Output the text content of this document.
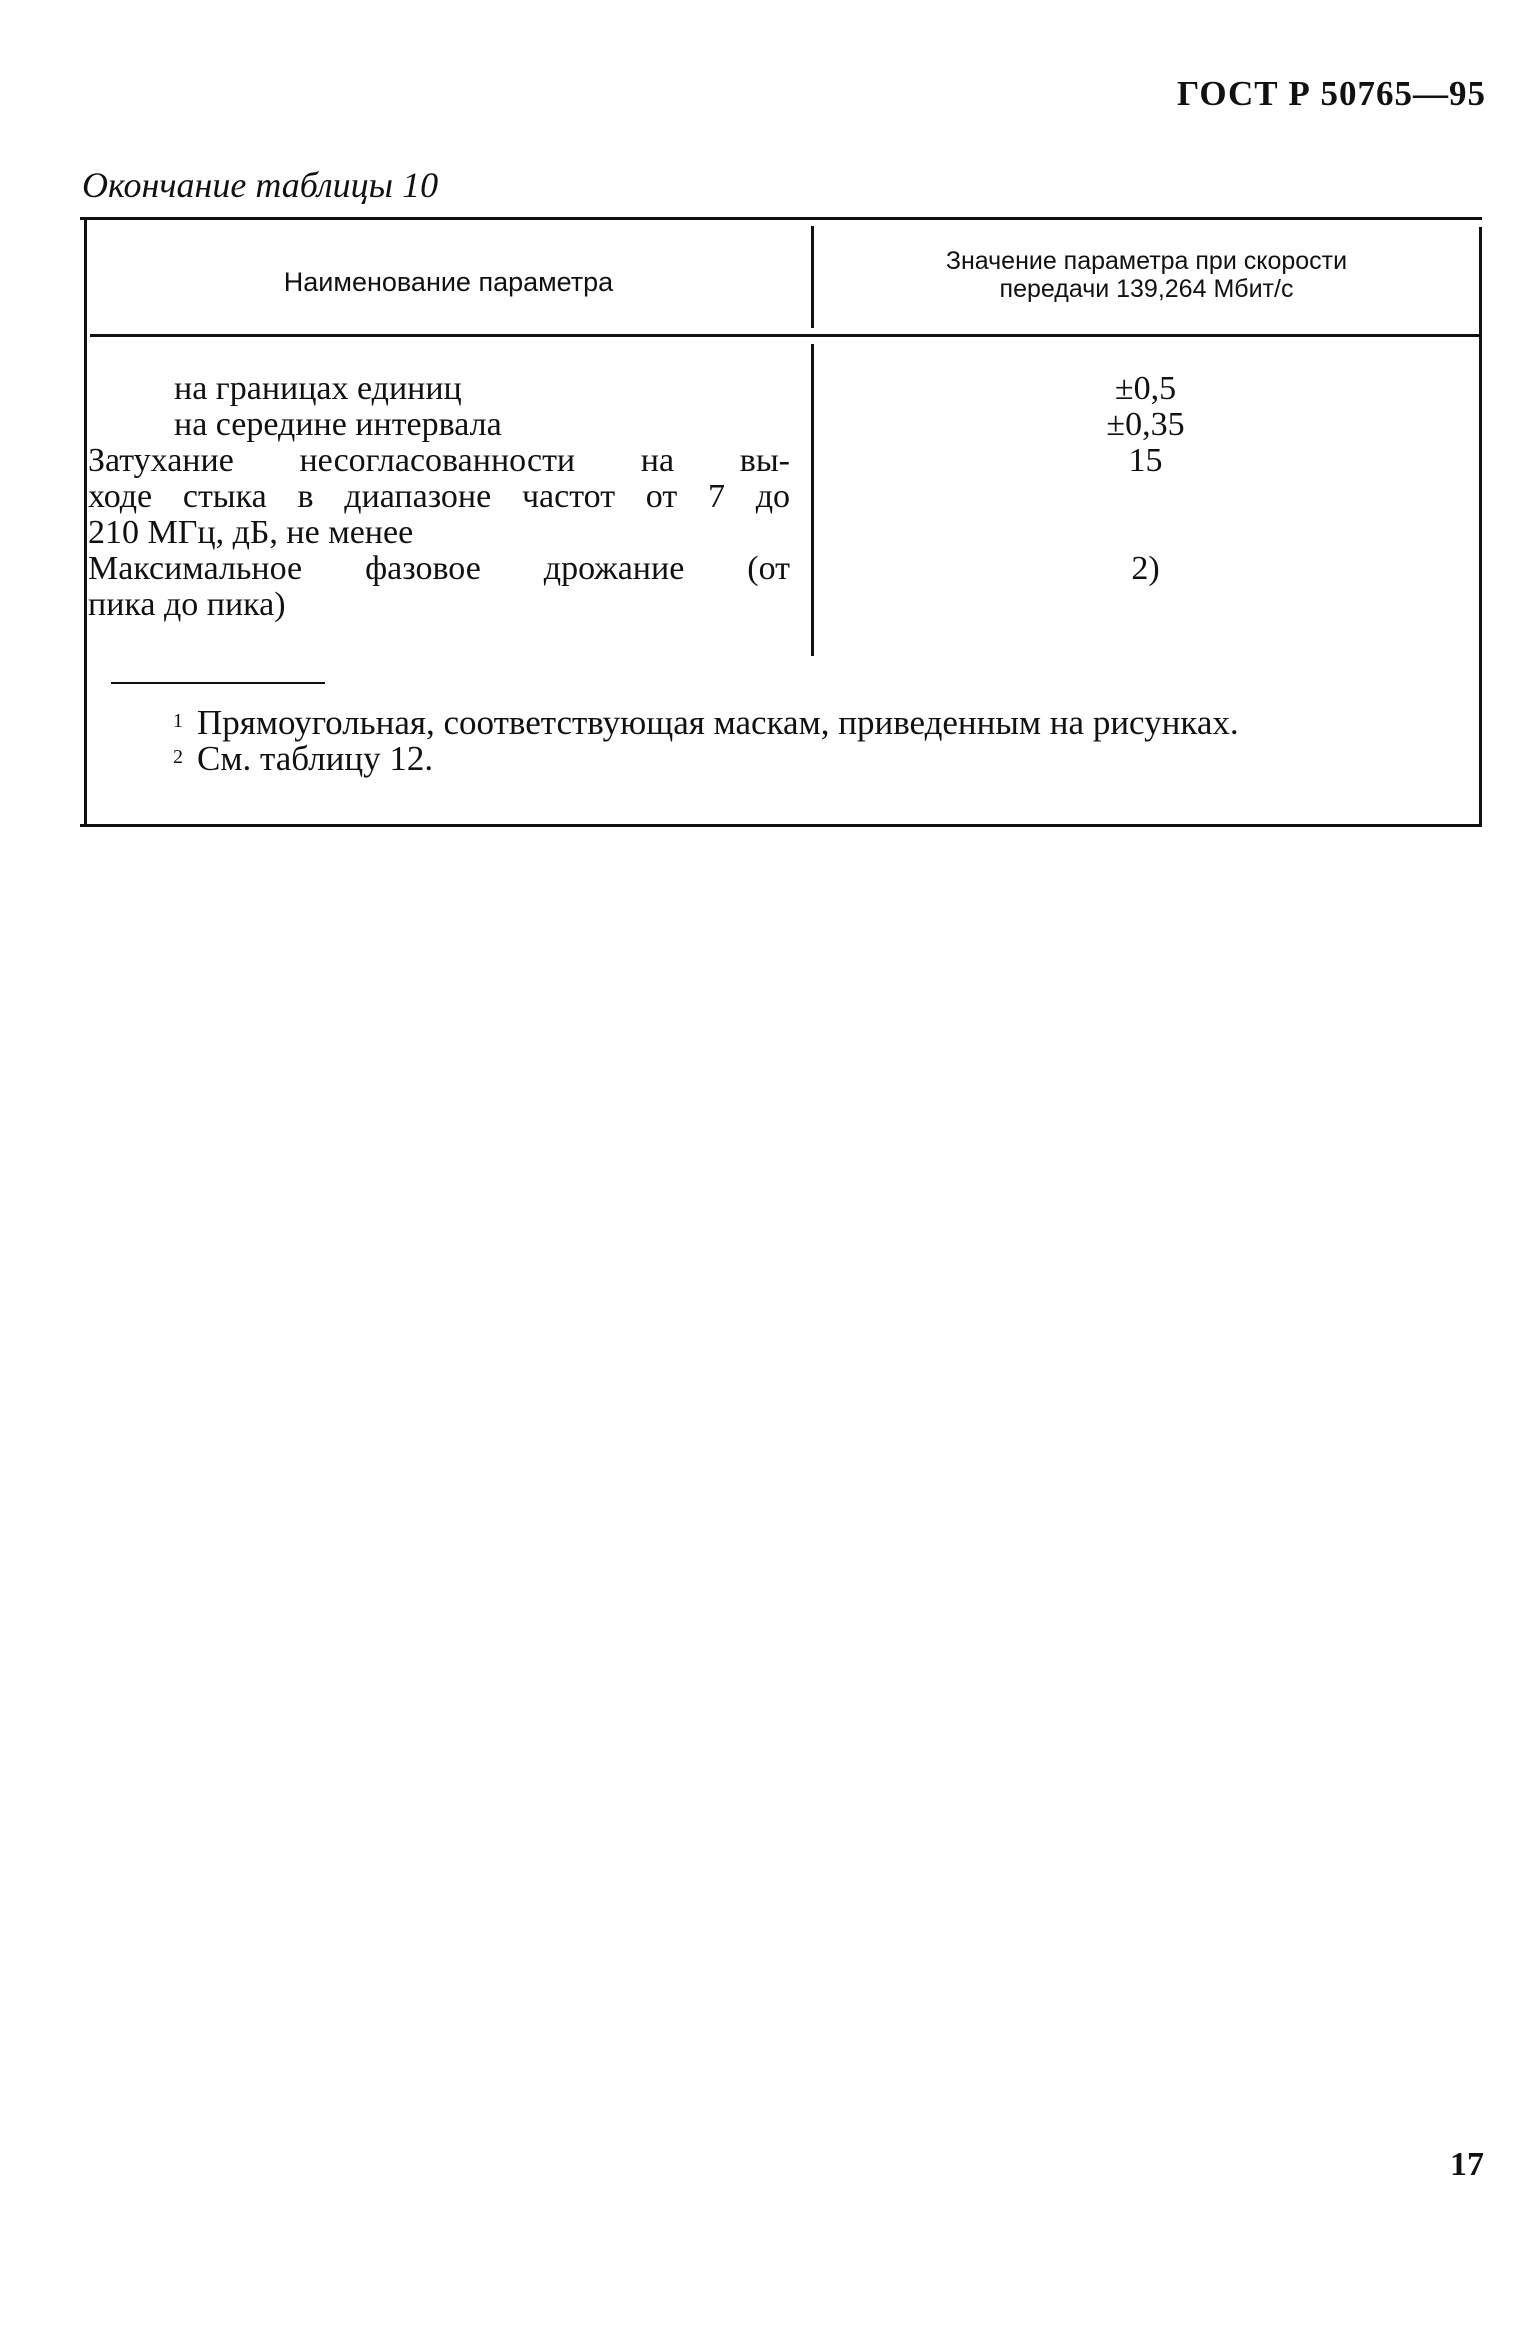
ГОСТ Р 50765—95
Окончание таблицы 10
Наименование параметра
Значение параметра при скорости
передачи 139,264 Мбит/с
на границах единиц	±0,5
на середине интервала	±0,35
Затухание несогласованности на вы-
ходе стыка в диапазоне частот от 7 до
210 МГц, дБ, не менее
15
Максимальное фазовое дрожание (от
пика до пика)
2)
$^1$ Прямоугольная, соответствующая маскам, приведенным на рисунках.
$^2$ См. таблицу 12.
17
